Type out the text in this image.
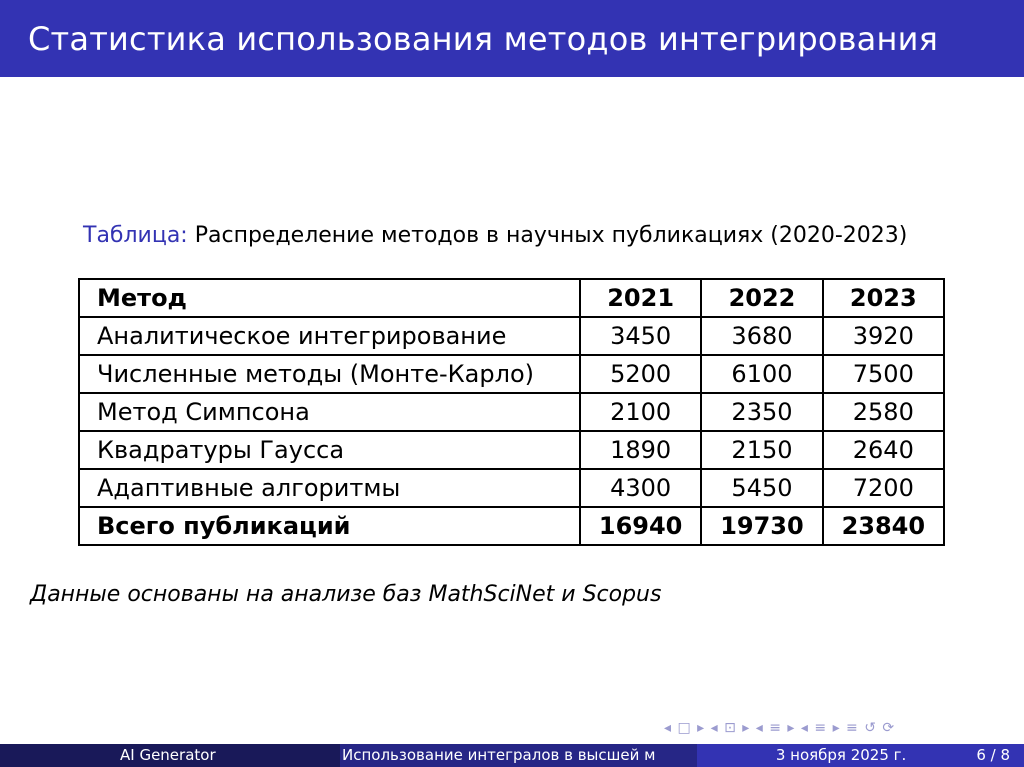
Статистика использования методов интегрирования
Таблица: Распределение методов в научных публикациях (2020-2023)
Метод	2021	2022	2023
Аналитическое интегрирование	3450	3680	3920
Численные методы (Монте-Карло)	5200	6100	7500
Метод Симпсона	2100	2350	2580
Квадратуры Гаусса	1890	2150	2640
Адаптивные алгоритмы	4300	5450	7200
Всего публикаций	16940	19730	23840
Данные основаны на анализе баз MathSciNet и Scopus
◂ □ ▸ ◂ ⊡ ▸ ◂ ≡ ▸ ◂ ≡ ▸ ≡ ↺ ⟳
AI Generator	Использование интегралов в высшей м	3 ноября 2025 г.	6 / 8
